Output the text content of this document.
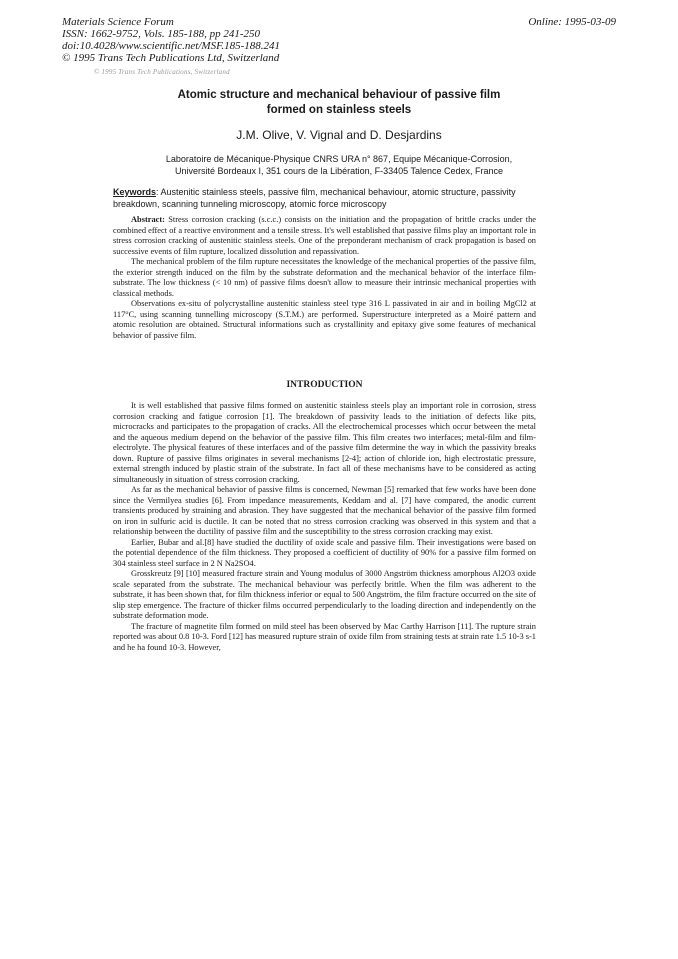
Materials Science Forum
ISSN: 1662-9752, Vols. 185-188, pp 241-250
doi:10.4028/www.scientific.net/MSF.185-188.241
© 1995 Trans Tech Publications Ltd, Switzerland
Online: 1995-03-09
© 1995 Trans Tech Publications, Switzerland
Atomic structure and mechanical behaviour of passive film
formed on stainless steels
J.M. Olive, V. Vignal and D. Desjardins
Laboratoire de Mécanique-Physique CNRS URA n° 867, Equipe Mécanique-Corrosion,
Université Bordeaux I, 351 cours de la Libération, F-33405 Talence Cedex, France
Keywords: Austenitic stainless steels, passive film, mechanical behaviour, atomic structure, passivity breakdown, scanning tunneling microscopy, atomic force microscopy

Abstract: Stress corrosion cracking (s.c.c.) consists on the initiation and the propagation of brittle cracks under the combined effect of a reactive environment and a tensile stress. It's well established that passive films play an important role in stress corrosion cracking of austenitic stainless steels. One of the preponderant mechanism of crack propagation is based on successive events of film rupture, localized dissolution and repassivation.

The mechanical problem of the film rupture necessitates the knowledge of the mechanical properties of the passive film, the exterior strength induced on the film by the substrate deformation and the mechanical behavior of the interface film-substrate. The low thickness (< 10 nm) of passive films doesn't allow to measure their intrinsic mechanical properties with classical methods.

Observations ex-situ of polycrystalline austenitic stainless steel type 316 L passivated in air and in boiling MgCl2 at 117°C, using scanning tunnelling microscopy (S.T.M.) are performed. Superstructure interpreted as a Moiré pattern and atomic resolution are obtained. Structural informations such as crystallinity and epitaxy give some features of mechanical behavior of passive film.

INTRODUCTION

It is well established that passive films formed on austenitic stainless steels play an important role in corrosion, stress corrosion cracking and fatigue corrosion [1]. The breakdown of passivity leads to the initiation of defects like pits, microcracks and participates to the propagation of cracks. All the electrochemical processes which occur between the metal and the aqueous medium depend on the behavior of the passive film. This film creates two interfaces; metal-film and film-electrolyte. The physical features of these interfaces and of the passive film determine the way in which the passivity breaks down. Rupture of passive films originates in several mechanisms [2-4]; action of chloride ion, high electrostatic pressure, external strength induced by plastic strain of the substrate. In fact all of these mechanisms have to be considered as acting simultaneously in situation of stress corrosion cracking.

As far as the mechanical behavior of passive films is concerned, Newman [5] remarked that few works have been done since the Vermilyea studies [6]. From impedance measurements, Keddam and al. [7] have compared, the anodic current transients produced by straining and abrasion. They have suggested that the mechanical behavior of the passive film formed on iron in sulfuric acid is ductile. It can be noted that no stress corrosion cracking was observed in this system and that a relationship between the ductility of passive film and the susceptibility to the stress corrosion cracking may exist.

Earlier, Bubar and al.[8] have studied the ductility of oxide scale and passive film. Their investigations were based on the potential dependence of the film thickness. They proposed a coefficient of ductility of 90% for a passive film formed on 304 stainless steel surface in 2 N Na2SO4.

Grosskreutz [9] [10] measured fracture strain and Young modulus of 3000 Angström thickness amorphous Al2O3 oxide scale separated from the substrate. The mechanical behaviour was perfectly brittle. When the film was adherent to the substrate, it has been shown that, for film thickness inferior or equal to 500 Angström, the film fracture occurred on the site of slip step emergence. The fracture of thicker films occurred perpendicularly to the loading direction and independently on the substrate deformation mode.

The fracture of magnetite film formed on mild steel has been observed by Mac Carthy Harrison [11]. The rupture strain reported was about 0.8 10-3. Ford [12] has measured rupture strain of oxide film from straining tests at strain rate 1.5 10-3 s-1 and he ha found 10-3. However,
